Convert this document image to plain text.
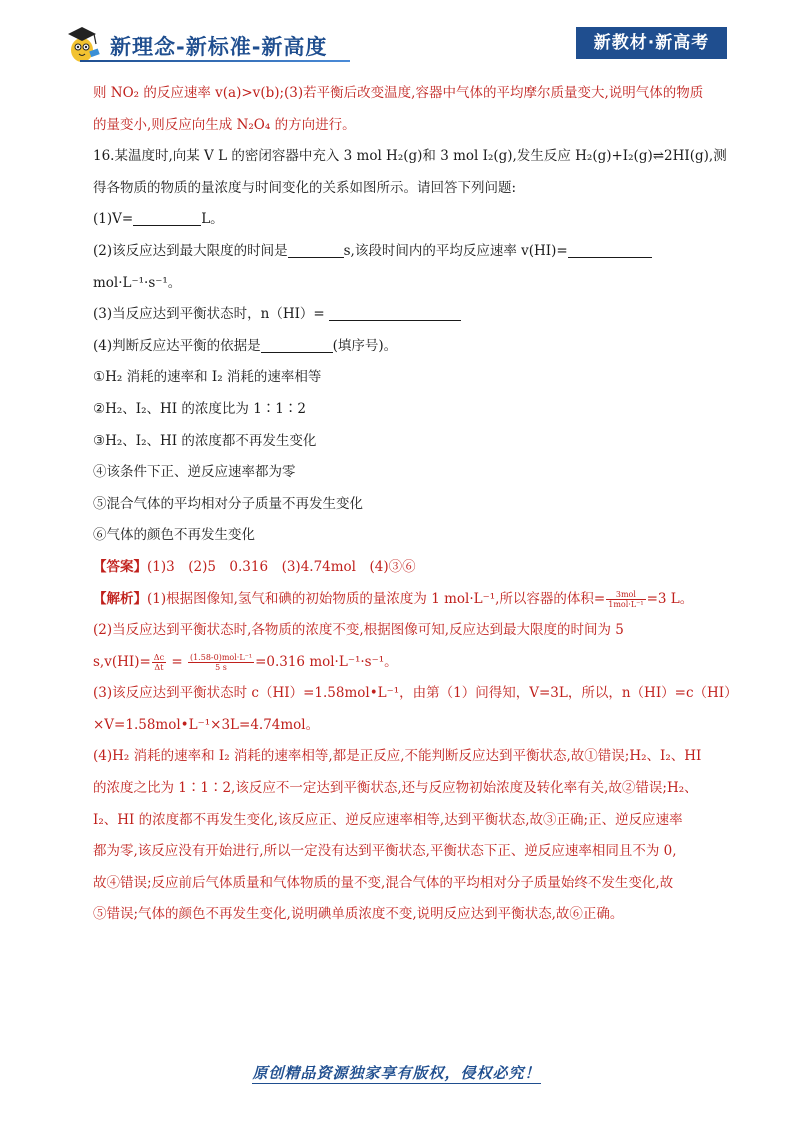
新理念-新标准-新高度	新教材·新高考
则 NO₂ 的反应速率 v(a)>v(b);(3)若平衡后改变温度,容器中气体的平均摩尔质量变大,说明气体的物质
的量变小,则反应向生成 N₂O₄ 的方向进行。
16.某温度时,向某 V L 的密闭容器中充入 3 mol H₂(g)和 3 mol I₂(g),发生反应 H₂(g)+I₂(g)⇌2HI(g),测
得各物质的物质的量浓度与时间变化的关系如图所示。请回答下列问题:
(1)V=	L。
(2)该反应达到最大限度的时间是	s,该段时间内的平均反应速率 v(HI)=
mol·L⁻¹·s⁻¹。
(3)当反应达到平衡状态时，n（HI）=
(4)判断反应达平衡的依据是	(填序号)。
①H₂ 消耗的速率和 I₂ 消耗的速率相等
②H₂、I₂、HI 的浓度比为 1∶1∶2
③H₂、I₂、HI 的浓度都不再发生变化
④该条件下正、逆反应速率都为零
⑤混合气体的平均相对分子质量不再发生变化
⑥气体的颜色不再发生变化
【答案】(1)3　(2)5　0.316　(3)4.74mol　(4)③⑥
【解析】(1)根据图像知,氢气和碘的初始物质的量浓度为 1 mol·L⁻¹,所以容器的体积= $\frac{\text{3mol}}{\text{1mol·L⁻¹}} =3$ L。
(2)当反应达到平衡状态时,各物质的浓度不变,根据图像可知,反应达到最大限度的时间为 5
$s,v(HI)= \frac{\Delta c}{\Delta t} = \frac{\text{(1.58-0)mol·L⁻¹}}{5 s} =0.316$ mol·L⁻¹·s⁻¹。
(3)该反应达到平衡状态时 c（HI）=1.58mol•L⁻¹，由第（1）问得知，V=3L，所以，n（HI）=c（HI）
×V=1.58mol•L⁻¹×3L=4.74mol。
(4)H₂ 消耗的速率和 I₂ 消耗的速率相等,都是正反应,不能判断反应达到平衡状态,故①错误;H₂、I₂、HI
的浓度之比为 1∶1∶2,该反应不一定达到平衡状态,还与反应物初始浓度及转化率有关,故②错误;H₂、
I₂、HI 的浓度都不再发生变化,该反应正、逆反应速率相等,达到平衡状态,故③正确;正、逆反应速率
都为零,该反应没有开始进行,所以一定没有达到平衡状态,平衡状态下正、逆反应速率相同且不为 0,
故④错误;反应前后气体质量和气体物质的量不变,混合气体的平均相对分子质量始终不发生变化,故
⑤错误;气体的颜色不再发生变化,说明碘单质浓度不变,说明反应达到平衡状态,故⑥正确。
原创精品资源独家享有版权，侵权必究！
